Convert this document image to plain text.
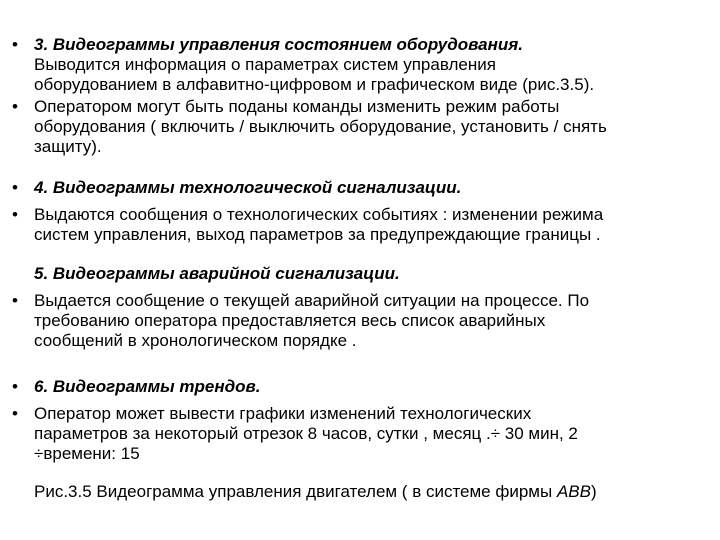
• 3. Видеограммы управления состоянием оборудования.

Выводится информация о параметрах систем управления

оборудованием в алфавитно-цифровом и графическом виде (рис.3.5).

• Оператором могут быть поданы команды изменить режим работы

оборудования ( включить / выключить оборудование, установить / снять

защиту).

• 4. Видеограммы технологической сигнализации.

• Выдаются сообщения о технологических событиях : изменении режима

систем управления, выход параметров за предупреждающие границы .

5. Видеограммы аварийной сигнализации.

• Выдается сообщение о текущей аварийной ситуации на процессе. По

требованию оператора предоставляется весь список аварийных

сообщений в хронологическом порядке .

• 6. Видеограммы трендов.

• Оператор может вывести графики изменений технологических

параметров за некоторый отрезок 8 часов, сутки , месяц .÷ 30 мин, 2

÷времени: 15

Рис.3.5 Видеограмма управления двигателем ( в системе фирмы ABB)
